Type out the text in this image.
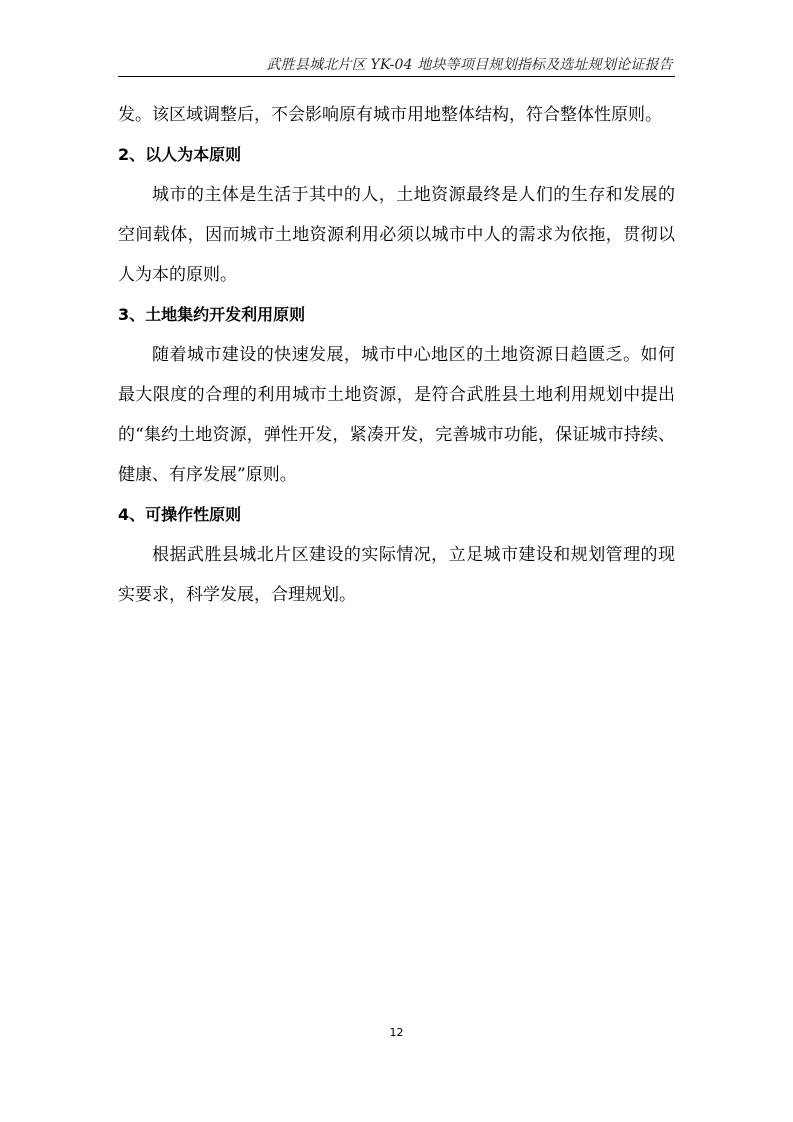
武胜县城北片区 YK-04 地块等项目规划指标及选址规划论证报告

发。该区域调整后，不会影响原有城市用地整体结构，符合整体性原则。

2、以人为本原则

城市的主体是生活于其中的人，土地资源最终是人们的生存和发展的空间载体，因而城市土地资源利用必须以城市中人的需求为依拖，贯彻以人为本的原则。

3、土地集约开发利用原则

随着城市建设的快速发展，城市中心地区的土地资源日趋匮乏。如何最大限度的合理的利用城市土地资源，是符合武胜县土地利用规划中提出的“集约土地资源，弹性开发，紧凑开发，完善城市功能，保证城市持续、健康、有序发展”原则。

4、可操作性原则

根据武胜县城北片区建设的实际情况，立足城市建设和规划管理的现实要求，科学发展，合理规划。

12
